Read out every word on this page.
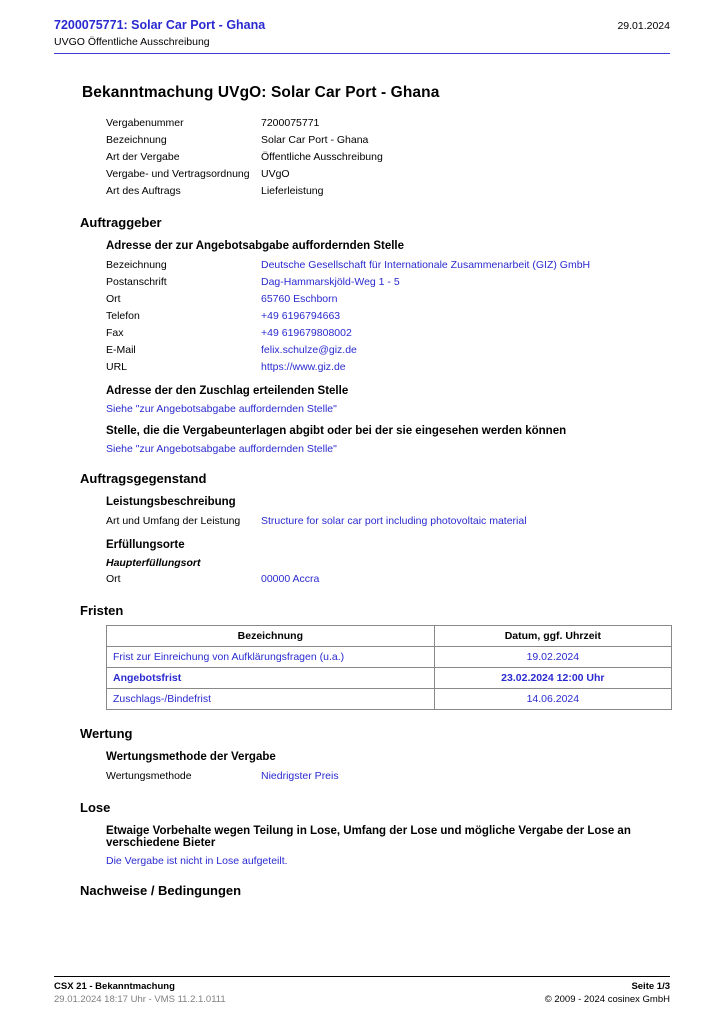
7200075771: Solar Car Port - Ghana
UVGO Öffentliche Ausschreibung
29.01.2024
Bekanntmachung UVgO: Solar Car Port - Ghana
Vergabenummer	7200075771
Bezeichnung	Solar Car Port - Ghana
Art der Vergabe	Öffentliche Ausschreibung
Vergabe- und Vertragsordnung	UVgO
Art des Auftrags	Lieferleistung
Auftraggeber
Adresse der zur Angebotsabgabe auffordernden Stelle
Bezeichnung	Deutsche Gesellschaft für Internationale Zusammenarbeit (GIZ) GmbH
Postanschrift	Dag-Hammarskjöld-Weg 1 - 5
Ort	65760 Eschborn
Telefon	+49 6196794663
Fax	+49 619679808002
E-Mail	felix.schulze@giz.de
URL	https://www.giz.de
Adresse der den Zuschlag erteilenden Stelle
Siehe "zur Angebotsabgabe auffordernden Stelle"
Stelle, die die Vergabeunterlagen abgibt oder bei der sie eingesehen werden können
Siehe "zur Angebotsabgabe auffordernden Stelle"
Auftragsgegenstand
Leistungsbeschreibung
Art und Umfang der Leistung	Structure for solar car port including photovoltaic material
Erfüllungsorte
Haupterfüllungsort
Ort	00000 Accra
Fristen
Bezeichnung	Datum, ggf. Uhrzeit
Frist zur Einreichung von Aufklärungsfragen (u.a.)	19.02.2024
Angebotsfrist	23.02.2024 12:00 Uhr
Zuschlags-/Bindefrist	14.06.2024
Wertung
Wertungsmethode der Vergabe
Wertungsmethode	Niedrigster Preis
Lose
Etwaige Vorbehalte wegen Teilung in Lose, Umfang der Lose und mögliche Vergabe der Lose an verschiedene Bieter
Die Vergabe ist nicht in Lose aufgeteilt.
Nachweise / Bedingungen
CSX 21 - Bekanntmachung	Seite 1/3
29.01.2024 18:17 Uhr - VMS 11.2.1.0111	© 2009 - 2024 cosinex GmbH
